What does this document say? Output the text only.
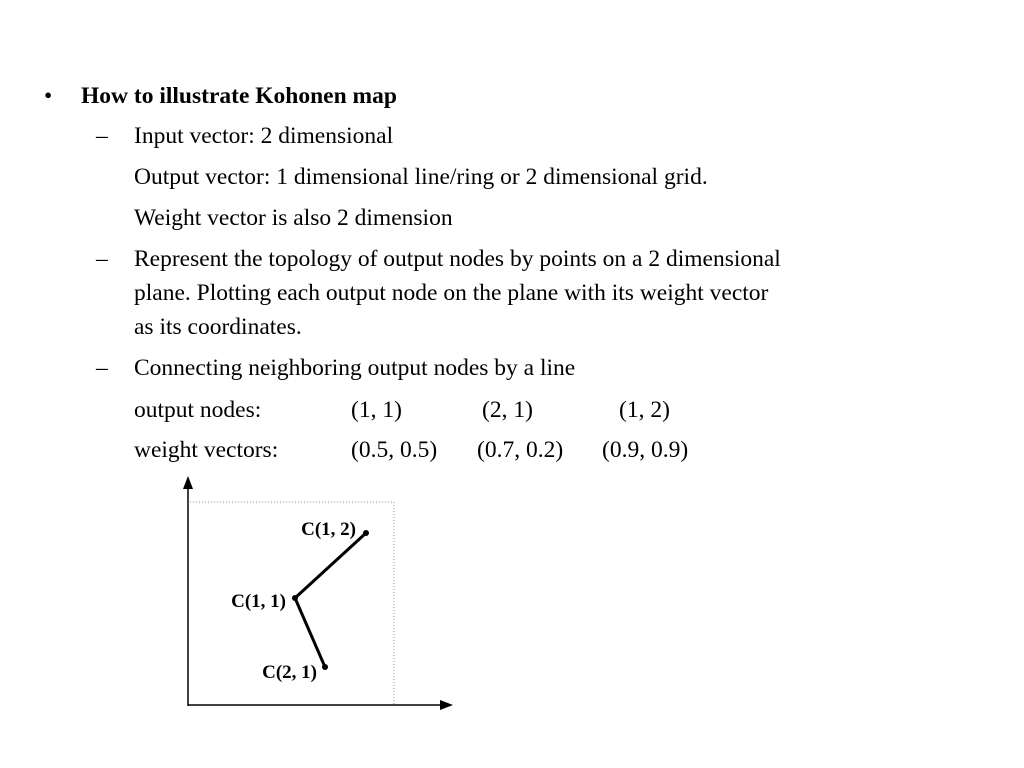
• How to illustrate Kohonen map
– Input vector: 2 dimensional
Output vector: 1 dimensional line/ring or 2 dimensional grid.
Weight vector is also 2 dimension
– Represent the topology of output nodes by points on a 2 dimensional
plane. Plotting each output node on the plane with its weight vector
as its coordinates.
– Connecting neighboring output nodes by a line
output nodes:	(1, 1)	(2, 1)	(1, 2)
weight vectors:	(0.5, 0.5) (0.7, 0.2) (0.9, 0.9)
C(1, 2)
C(1, 1)
C(2, 1)
